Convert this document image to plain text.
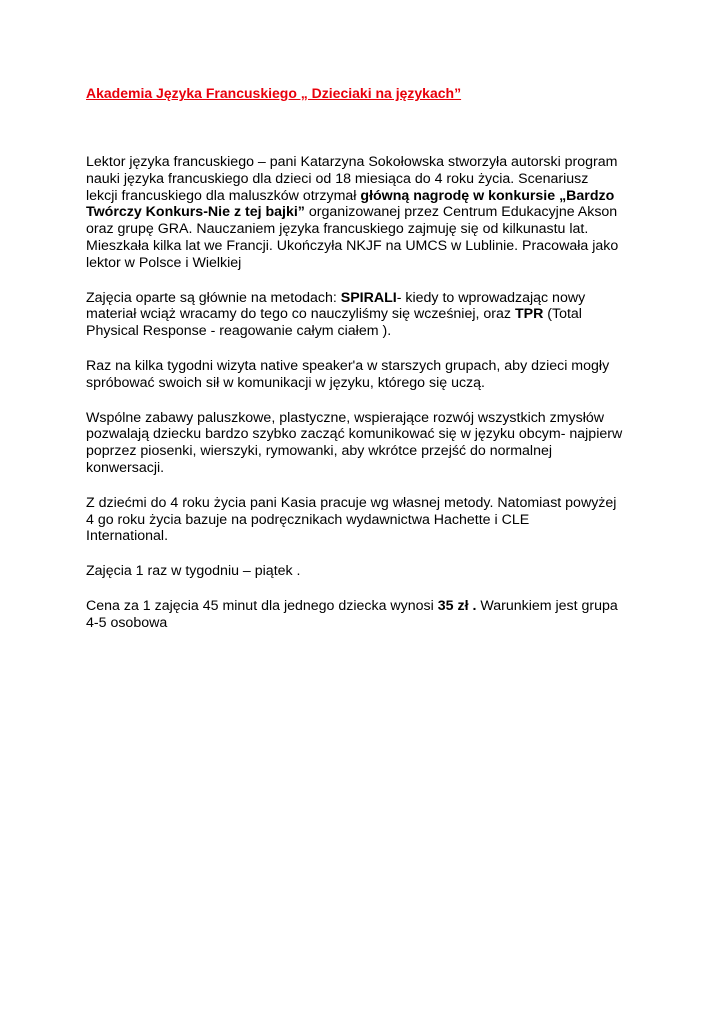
Akademia Języka Francuskiego „ Dzieciaki na językach”

Lektor języka francuskiego – pani Katarzyna Sokołowska stworzyła autorski program
nauki języka francuskiego dla dzieci od 18 miesiąca do 4 roku życia. Scenariusz
lekcji francuskiego dla maluszków otrzymał główną nagrodę w konkursie „Bardzo
Twórczy Konkurs-Nie z tej bajki” organizowanej przez Centrum Edukacyjne Akson
oraz grupę GRA. Nauczaniem języka francuskiego zajmuję się od kilkunastu lat.
Mieszkała kilka lat we Francji. Ukończyła NKJF na UMCS w Lublinie. Pracowała jako
lektor w Polsce i Wielkiej

Zajęcia oparte są głównie na metodach: SPIRALI- kiedy to wprowadzając nowy
materiał wciąż wracamy do tego co nauczyliśmy się wcześniej, oraz TPR (Total
Physical Response - reagowanie całym ciałem ).

Raz na kilka tygodni wizyta native speaker'a w starszych grupach, aby dzieci mogły
spróbować swoich sił w komunikacji w języku, którego się uczą.

Wspólne zabawy paluszkowe, plastyczne, wspierające rozwój wszystkich zmysłów
pozwalają dziecku bardzo szybko zacząć komunikować się w języku obcym- najpierw
poprzez piosenki, wierszyki, rymowanki, aby wkrótce przejść do normalnej
konwersacji.

Z dziećmi do 4 roku życia pani Kasia pracuje wg własnej metody. Natomiast powyżej
4 go roku życia bazuje na podręcznikach wydawnictwa Hachette i CLE
International.

Zajęcia 1 raz w tygodniu – piątek .

Cena za 1 zajęcia 45 minut dla jednego dziecka wynosi 35 zł . Warunkiem jest grupa
4-5 osobowa
